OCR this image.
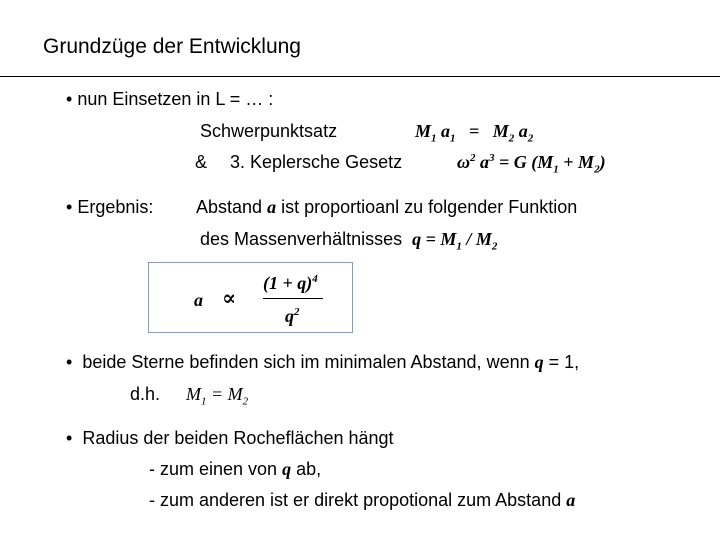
Grundzüge der Entwicklung
• nun Einsetzen in L = … :
Schwerpunktsatz	$M_1$ $a_1 = M_2$ $a_2$
& 3. Keplersche Gesetz	$\omega^2$ $a^3 = G$ $(M_1 + M_2)$
• Ergebnis: Abstand a ist proportioanl zu folgender Funktion
des Massenverhältnisses $q = M_1 / M_2$
a ∝
$(1 + q)^4$
$q^2$
• beide Sterne befinden sich im minimalen Abstand, wenn q = 1,
d.h. $M_1 = M_2$
• Radius der beiden Rocheflächen hängt
- zum einen von q ab,
- zum anderen ist er direkt propotional zum Abstand a
